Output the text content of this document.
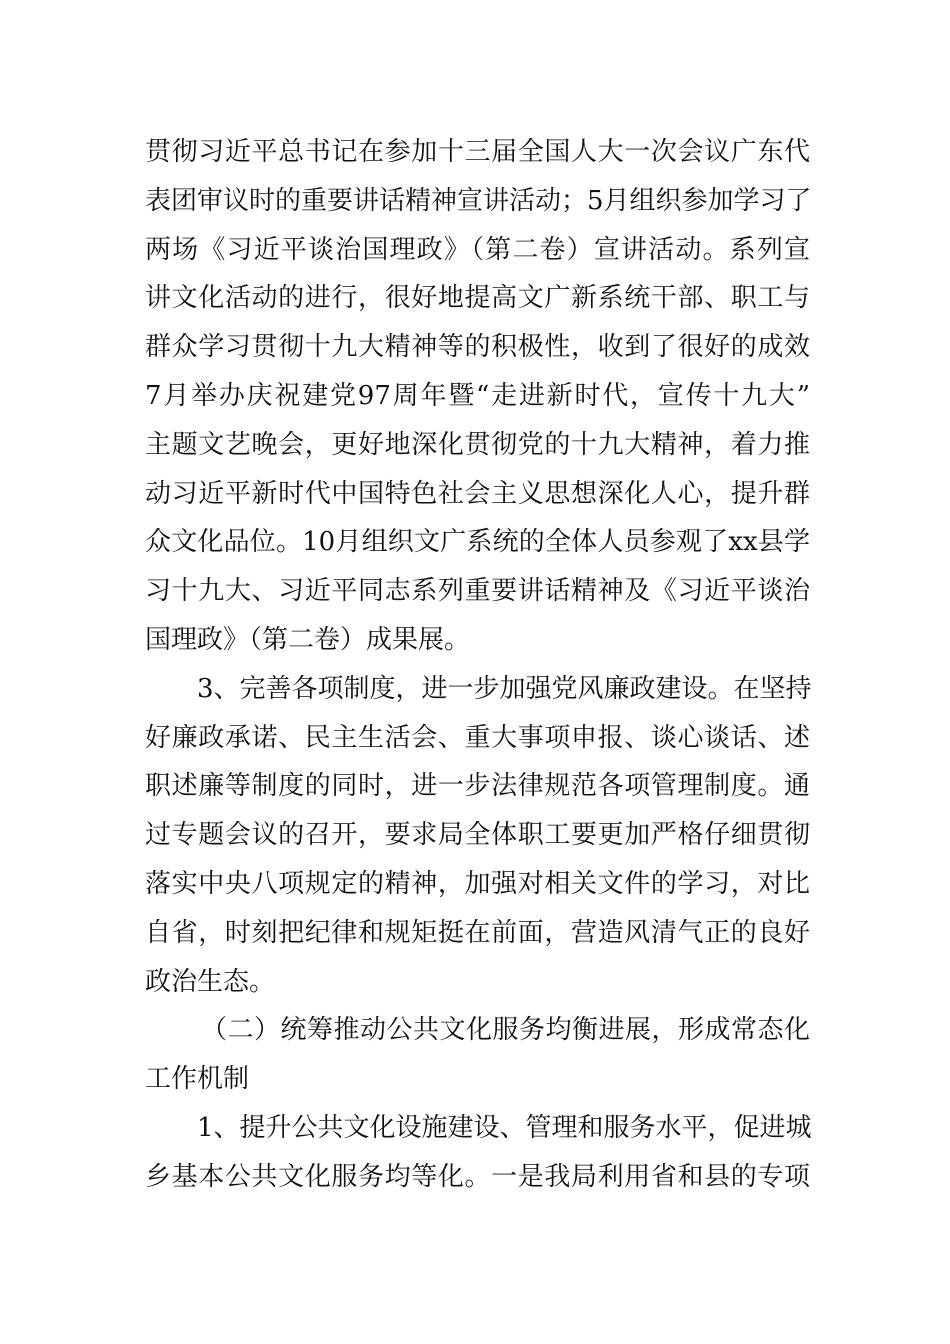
贯彻习近平总书记在参加十三届全国人大一次会议广东代
表团审议时的重要讲话精神宣讲活动；5月组织参加学习了
两场《习近平谈治国理政》（第二卷）宣讲活动。系列宣
讲文化活动的进行，很好地提高文广新系统干部、职工与
群众学习贯彻十九大精神等的积极性，收到了很好的成效
7月举办庆祝建党97周年暨“走进新时代，宣传十九大”
主题文艺晚会，更好地深化贯彻党的十九大精神，着力推
动习近平新时代中国特色社会主义思想深化人心，提升群
众文化品位。10月组织文广系统的全体人员参观了xx县学
习十九大、习近平同志系列重要讲话精神及《习近平谈治
国理政》（第二卷）成果展。
3、完善各项制度，进一步加强党风廉政建设。在坚持
好廉政承诺、民主生活会、重大事项申报、谈心谈话、述
职述廉等制度的同时，进一步法律规范各项管理制度。通
过专题会议的召开，要求局全体职工要更加严格仔细贯彻
落实中央八项规定的精神，加强对相关文件的学习，对比
自省，时刻把纪律和规矩挺在前面，营造风清气正的良好
政治生态。
（二）统筹推动公共文化服务均衡进展，形成常态化
工作机制
1、提升公共文化设施建设、管理和服务水平，促进城
乡基本公共文化服务均等化。一是我局利用省和县的专项
